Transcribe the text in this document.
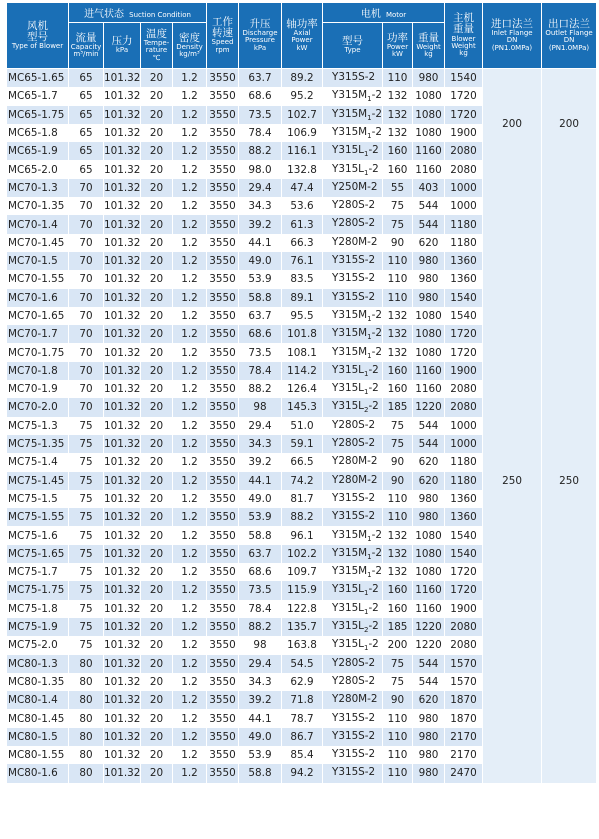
风机
型号
Type of Blower	进气状态 Suction Condition				工作
转速
Speed
rpm	升压
Discharge
Pressure
kPa	轴功率
Axial
Power
kW	电机 Motor			主机
重量
Blower
Weight
kg	进口法兰
Inlet Flange
DN
(PN1.0MPa)	出口法兰
Outlet Flange
DN
(PN1.0MPa)

	流量
Capacity
m³/min	压力
kPa	温度
Tempe-
rature
℃	密度
Density
kg/m³				型号
Type	功率
Power
kW	重量
Weight
kg			

MC65-1.65	65	101.32	20	1.2	3550	63.7	89.2	Y315S-2	110	980	1540	200	200
MC65-1.7	65	101.32	20	1.2	3550	68.6	95.2	$Y315M_1-2$	132	1080	1720		
MC65-1.75	65	101.32	20	1.2	3550	73.5	102.7	$Y315M_1-2$	132	1080	1720		
MC65-1.8	65	101.32	20	1.2	3550	78.4	106.9	$Y315M_1-2$	132	1080	1900		
MC65-1.9	65	101.32	20	1.2	3550	88.2	116.1	$Y315L_1-2$	160	1160	2080		
MC65-2.0	65	101.32	20	1.2	3550	98.0	132.8	$Y315L_1-2$	160	1160	2080		
MC70-1.3	70	101.32	20	1.2	3550	29.4	47.4	Y250M-2	55	403	1000	250	250
MC70-1.35	70	101.32	20	1.2	3550	34.3	53.6	Y280S-2	75	544	1000		
MC70-1.4	70	101.32	20	1.2	3550	39.2	61.3	Y280S-2	75	544	1180		
MC70-1.45	70	101.32	20	1.2	3550	44.1	66.3	Y280M-2	90	620	1180		
MC70-1.5	70	101.32	20	1.2	3550	49.0	76.1	Y315S-2	110	980	1360		
MC70-1.55	70	101.32	20	1.2	3550	53.9	83.5	Y315S-2	110	980	1360		
MC70-1.6	70	101.32	20	1.2	3550	58.8	89.1	Y315S-2	110	980	1540		
MC70-1.65	70	101.32	20	1.2	3550	63.7	95.5	$Y315M_1-2$	132	1080	1540		
MC70-1.7	70	101.32	20	1.2	3550	68.6	101.8	$Y315M_1-2$	132	1080	1720		
MC70-1.75	70	101.32	20	1.2	3550	73.5	108.1	$Y315M_1-2$	132	1080	1720		
MC70-1.8	70	101.32	20	1.2	3550	78.4	114.2	$Y315L_1-2$	160	1160	1900		
MC70-1.9	70	101.32	20	1.2	3550	88.2	126.4	$Y315L_1-2$	160	1160	2080		
MC70-2.0	70	101.32	20	1.2	3550	98	145.3	$Y315L_2-2$	185	1220	2080		
MC75-1.3	75	101.32	20	1.2	3550	29.4	51.0	Y280S-2	75	544	1000		
MC75-1.35	75	101.32	20	1.2	3550	34.3	59.1	Y280S-2	75	544	1000		
MC75-1.4	75	101.32	20	1.2	3550	39.2	66.5	Y280M-2	90	620	1180		
MC75-1.45	75	101.32	20	1.2	3550	44.1	74.2	Y280M-2	90	620	1180		
MC75-1.5	75	101.32	20	1.2	3550	49.0	81.7	Y315S-2	110	980	1360		
MC75-1.55	75	101.32	20	1.2	3550	53.9	88.2	Y315S-2	110	980	1360		
MC75-1.6	75	101.32	20	1.2	3550	58.8	96.1	$Y315M_1-2$	132	1080	1540		
MC75-1.65	75	101.32	20	1.2	3550	63.7	102.2	$Y315M_1-2$	132	1080	1540		
MC75-1.7	75	101.32	20	1.2	3550	68.6	109.7	$Y315M_1-2$	132	1080	1720		
MC75-1.75	75	101.32	20	1.2	3550	73.5	115.9	$Y315L_1-2$	160	1160	1720		
MC75-1.8	75	101.32	20	1.2	3550	78.4	122.8	$Y315L_1-2$	160	1160	1900		
MC75-1.9	75	101.32	20	1.2	3550	88.2	135.7	$Y315L_2-2$	185	1220	2080		
MC75-2.0	75	101.32	20	1.2	3550	98	163.8	$Y315L_1-2$	200	1220	2080		
MC80-1.3	80	101.32	20	1.2	3550	29.4	54.5	Y280S-2	75	544	1570		
MC80-1.35	80	101.32	20	1.2	3550	34.3	62.9	Y280S-2	75	544	1570		
MC80-1.4	80	101.32	20	1.2	3550	39.2	71.8	Y280M-2	90	620	1870		
MC80-1.45	80	101.32	20	1.2	3550	44.1	78.7	Y315S-2	110	980	1870		
MC80-1.5	80	101.32	20	1.2	3550	49.0	86.7	Y315S-2	110	980	2170		
MC80-1.55	80	101.32	20	1.2	3550	53.9	85.4	Y315S-2	110	980	2170		
MC80-1.6	80	101.32	20	1.2	3550	58.8	94.2	Y315S-2	110	980	2470		
